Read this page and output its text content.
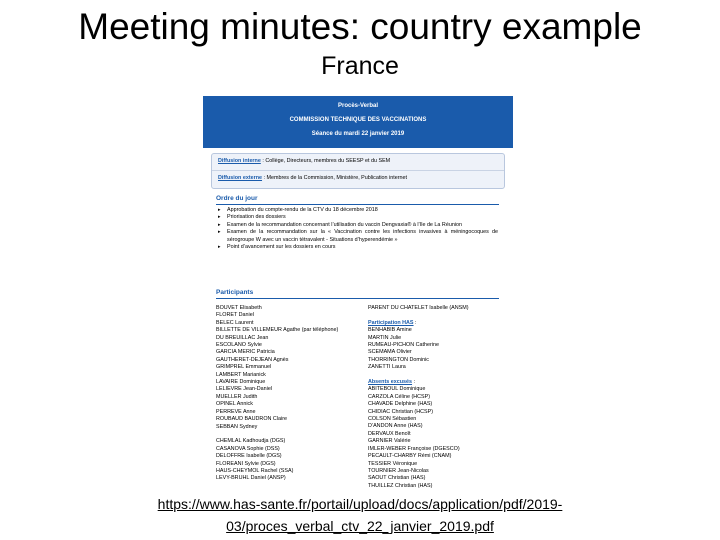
Meeting minutes: country example
France
Procès-Verbal
COMMISSION TECHNIQUE DES VACCINATIONS
Séance du mardi 22 janvier 2019
Diffusion interne : Collège, Directeurs, membres du SEESP et du SEM
Diffusion externe : Membres de la Commission, Ministère, Publication internet
Ordre du jour
▸ Approbation du compte-rendu de la CTV du 18 décembre 2018
▸ Priorisation des dossiers
▸ Examen de la recommandation concernant l’utilisation du vaccin Dengvaxia® à l’Ile de La Réunion
▸ Examen de la recommandation sur la « Vaccination contre les infections invasives à méningocoques de sérogroupe W avec un vaccin tétravalent - Situations d’hyperendémie »
▸ Point d’avancement sur les dossiers en cours
Participants
BOUVET Elisabeth
FLORET Daniel
BELEC Laurent
BILLETTE DE VILLEMEUR Agathe (par téléphone)
DU BREUILLAC Jean
ESCOLANO Sylvie
GARCIA MERIC Patricia
GAUTHERET-DEJEAN Agnès
GRIMPREL Emmanuel
LAMBERT Marianick
LAVAIRE Dominique
LELIEVRE Jean-Daniel
MUELLER Judith
OPINEL Annick
PERREVE Anne
ROUBAUD BAUDRON Claire
SEBBAN Sydney
CHEMLAL Kadhoudja (DGS)
CASANOVA Sophie (DSS)
DELOFFRE Isabelle (DGS)
FLOREANI Sylvie (DGS)
HAUS-CHEYMOL Rachel (SSA)
LEVY-BRUHL Daniel (ANSP)
PARENT DU CHATELET Isabelle (ANSM)
Participation HAS :
BENHABIB Amine
MARTIN Julie
RUMEAU-PICHON Catherine
SCEMAMA Olivier
THORRINGTON Dominic
ZANETTI Laura
Absents excusés :
ABITEBOUL Dominique
CARZOLA Céline (HCSP)
CHAVADE Delphine (HAS)
CHIDIAC Christian (HCSP)
COLSON Sébastien
D’ANDON Anne (HAS)
DERVAUX Benoît
GARNIER Valérie
IMLER-WEBER Françoise (DGESCO)
PECAULT-CHARBY Rémi (CNAM)
TESSIER Véronique
TOURNIER Jean-Nicolas
SAOUT Christian (HAS)
THUILLEZ Christian (HAS)
https://www.has-sante.fr/portail/upload/docs/application/pdf/2019-
03/proces_verbal_ctv_22_janvier_2019.pdf
